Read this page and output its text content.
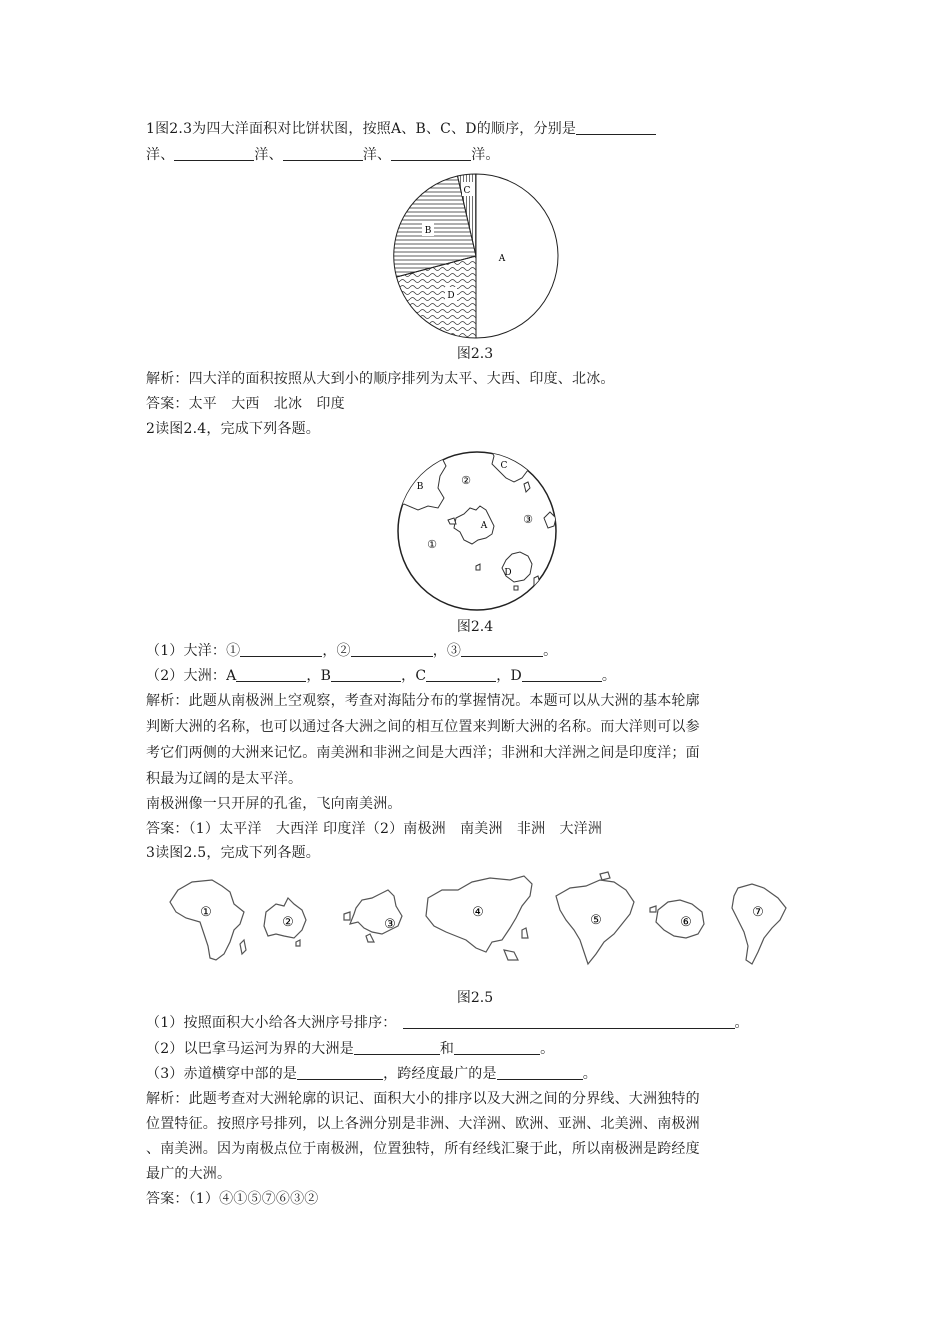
1图2.3为四大洋面积对比饼状图，按照A、B、C、D的顺序，分别是
洋、	洋、	洋、	洋。
C
B
A
D
图2.3
解析：四大洋的面积按照从大到小的顺序排列为太平、大西、印度、北冰。
答案：太平　大西　北冰　印度
2读图2.4，完成下列各题。
B
C
A
D
①
②
③
图2.4
（1）大洋：①	，②	，③	。
（2）大洲：A	，B	，C	，D	。
解析：此题从南极洲上空观察，考查对海陆分布的掌握情况。本题可以从大洲的基本轮廓
判断大洲的名称，也可以通过各大洲之间的相互位置来判断大洲的名称。而大洋则可以参
考它们两侧的大洲来记忆。南美洲和非洲之间是大西洋；非洲和大洋洲之间是印度洋；面
积最为辽阔的是太平洋。
南极洲像一只开屏的孔雀，飞向南美洲。
答案：（1）太平洋　大西洋 印度洋（2）南极洲　南美洲　非洲　大洋洲
3读图2.5，完成下列各题。
①
②	③
④
⑤	⑥
⑦
图2.5
（1）按照面积大小给各大洲序号排序：	。
（2）以巴拿马运河为界的大洲是	和	。
（3）赤道横穿中部的是	，跨经度最广的是	。
解析：此题考查对大洲轮廓的识记、面积大小的排序以及大洲之间的分界线、大洲独特的
位置特征。按照序号排列，以上各洲分别是非洲、大洋洲、欧洲、亚洲、北美洲、南极洲
、南美洲。因为南极点位于南极洲，位置独特，所有经线汇聚于此，所以南极洲是跨经度
最广的大洲。
答案：（1）④①⑤⑦⑥③②
